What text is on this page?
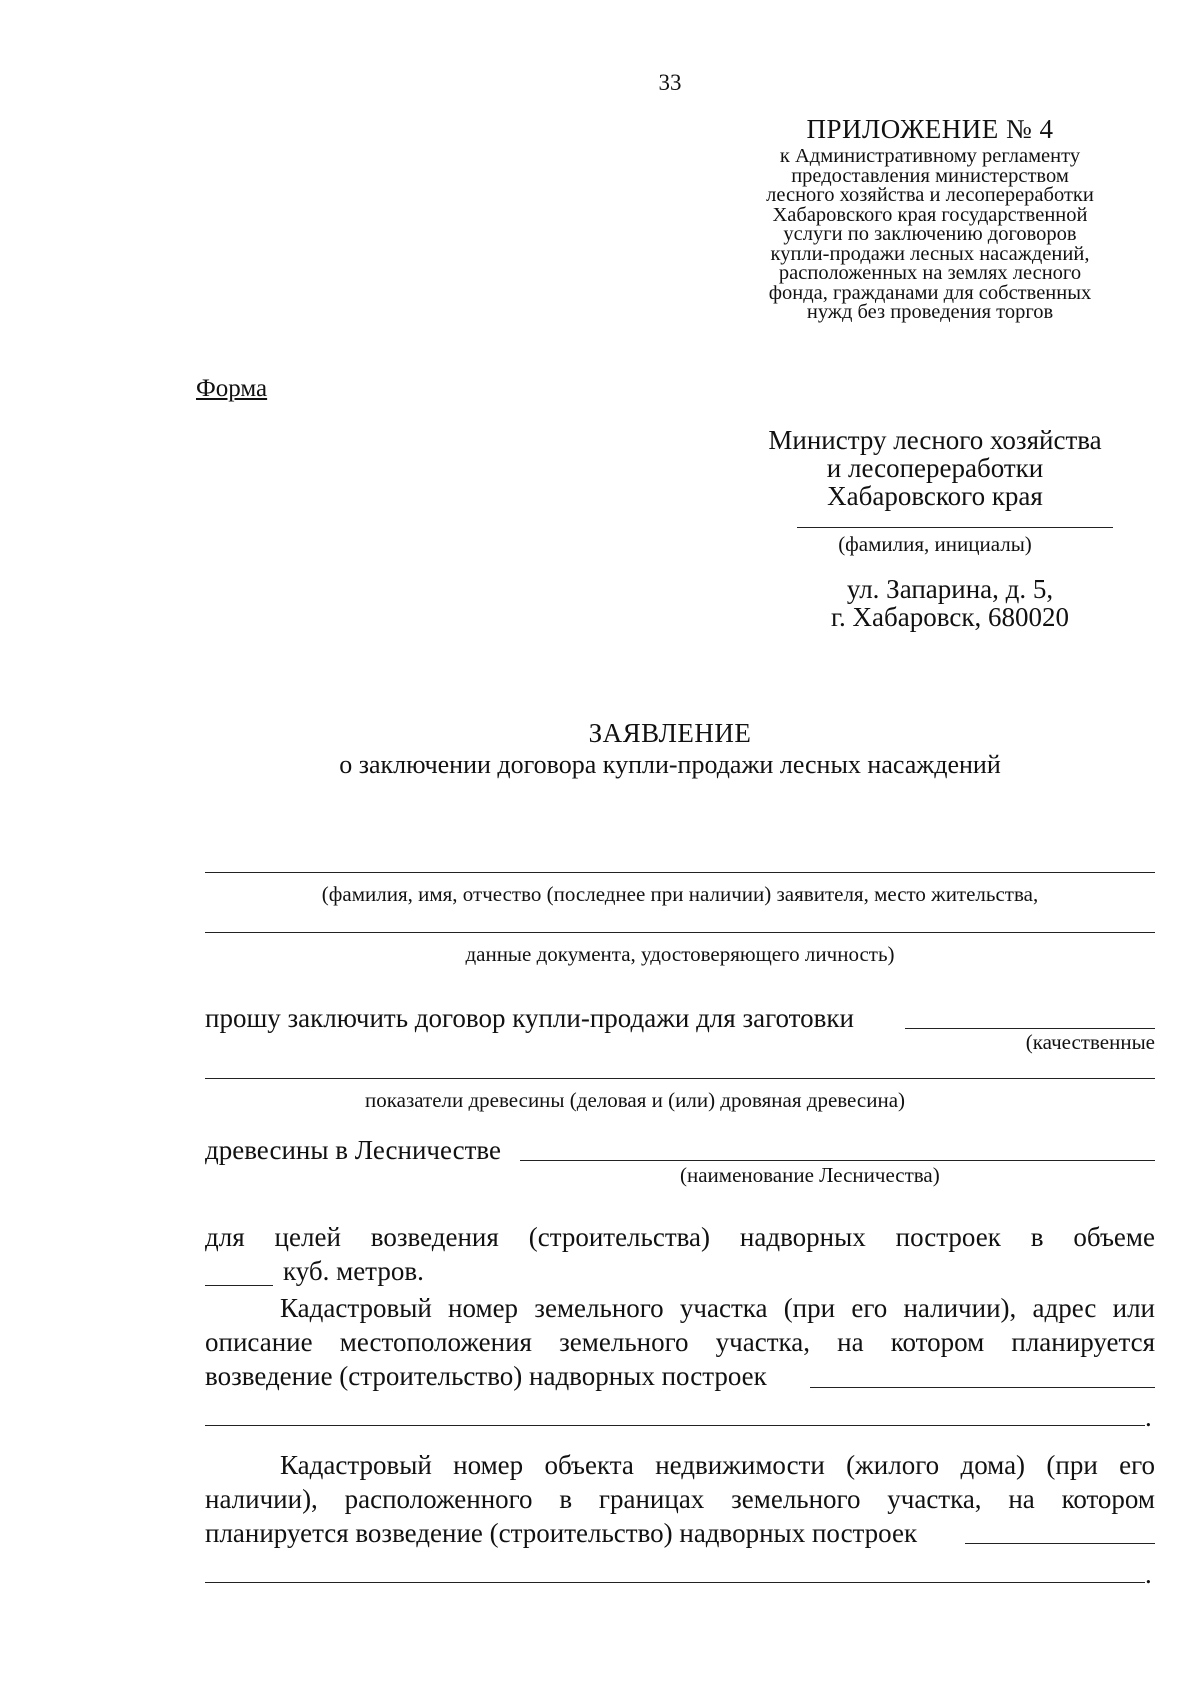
33
ПРИЛОЖЕНИЕ № 4
к Административному регламенту
предоставления министерством
лесного хозяйства и лесопереработки
Хабаровского края государственной
услуги по заключению договоров
купли-продажи лесных насаждений,
расположенных на землях лесного
фонда, гражданами для собственных
нужд без проведения торгов
Форма
Министру лесного хозяйства
и лесопереработки
Хабаровского края
(фамилия, инициалы)
ул. Запарина, д. 5,
г. Хабаровск, 680020
ЗАЯВЛЕНИЕ
о заключении договора купли-продажи лесных насаждений
(фамилия, имя, отчество (последнее при наличии) заявителя, место жительства,
данные документа, удостоверяющего личность)
прошу заключить договор купли-продажи для заготовки
(качественные
показатели древесины (деловая и (или) дровяная древесина)
древесины в Лесничестве
(наименование Лесничества)
для целей возведения (строительства) надворных построек в объеме
куб. метров.
Кадастровый номер земельного участка (при его наличии), адрес или
описание местоположения земельного участка, на котором планируется
возведение (строительство) надворных построек
.
Кадастровый номер объекта недвижимости (жилого дома) (при его
наличии), расположенного в границах земельного участка, на котором
планируется возведение (строительство) надворных построек
.
